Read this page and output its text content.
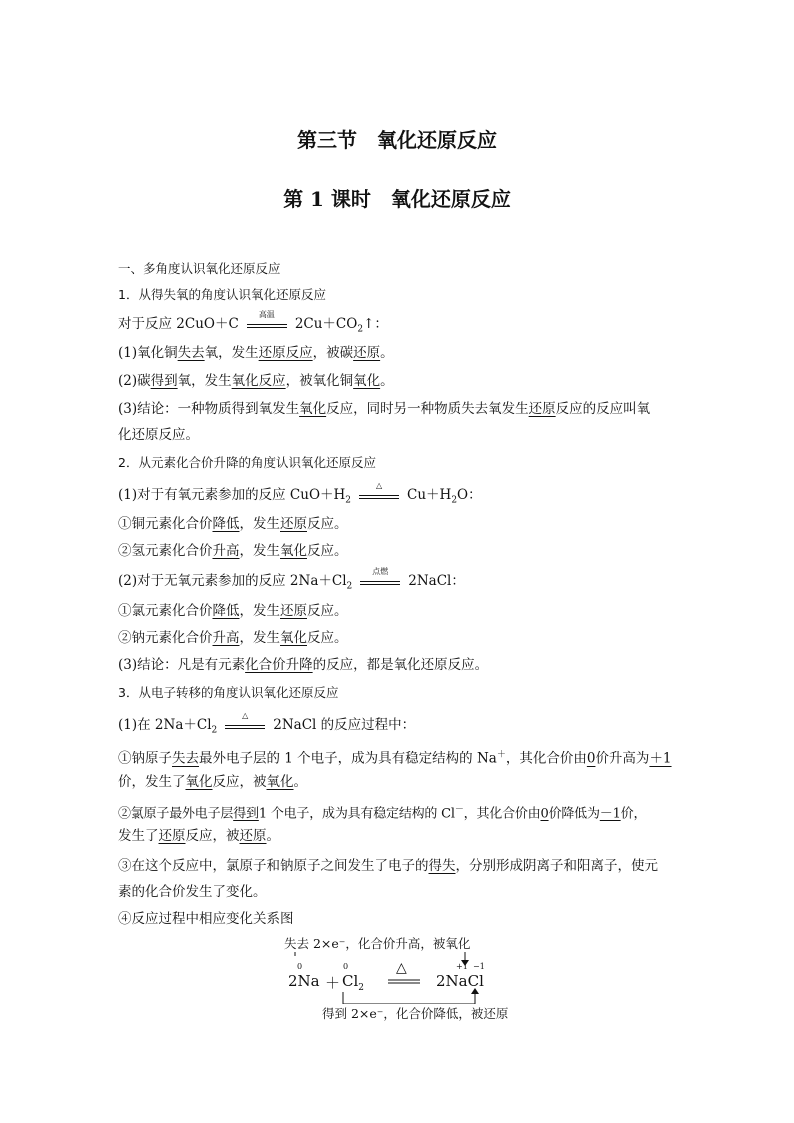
第三节　氧化还原反应
第 1 课时　氧化还原反应
一、多角度认识氧化还原反应
1．从得失氧的角度认识氧化还原反应
对于反应 2CuO＋C
高温
$2Cu+CO_2↑$：
(1)氧化铜失去氧，发生还原反应，被碳还原。
(2)碳得到氧，发生氧化反应，被氧化铜氧化。
(3)结论：一种物质得到氧发生氧化反应，同时另一种物质失去氧发生还原反应的反应叫氧
化还原反应。
2．从元素化合价升降的角度认识氧化还原反应
(1)对于有氧元素参加的反应 $CuO+H_2$
△
$Cu+H_2O$：
①铜元素化合价降低，发生还原反应。
②氢元素化合价升高，发生氧化反应。
(2)对于无氧元素参加的反应 $2Na+Cl_2$
点燃
2NaCl：
①氯元素化合价降低，发生还原反应。
②钠元素化合价升高，发生氧化反应。
(3)结论：凡是有元素化合价升降的反应，都是氧化还原反应。
3．从电子转移的角度认识氧化还原反应
(1)在 $2Na+Cl_2$
△
2NaCl 的反应过程中：
①钠原子失去最外电子层的 1 个电子，成为具有稳定结构的 Na＋，其化合价由0价升高为＋1
价，发生了氧化反应，被氧化。
②氯原子最外电子层得到1 个电子，成为具有稳定结构的 Cl－，其化合价由0价降低为－1价，
发生了还原反应，被还原。
③在这个反应中，氯原子和钠原子之间发生了电子的得失，分别形成阴离子和阳离子，使元
素的化合价发生了变化。
④反应过程中相应变化关系图
失去 2×e⁻，化合价升高，被氧化
0
2Na ＋
0
$Cl_2$
△	+1 −1
2NaCl
得到 2×e⁻，化合价降低，被还原
